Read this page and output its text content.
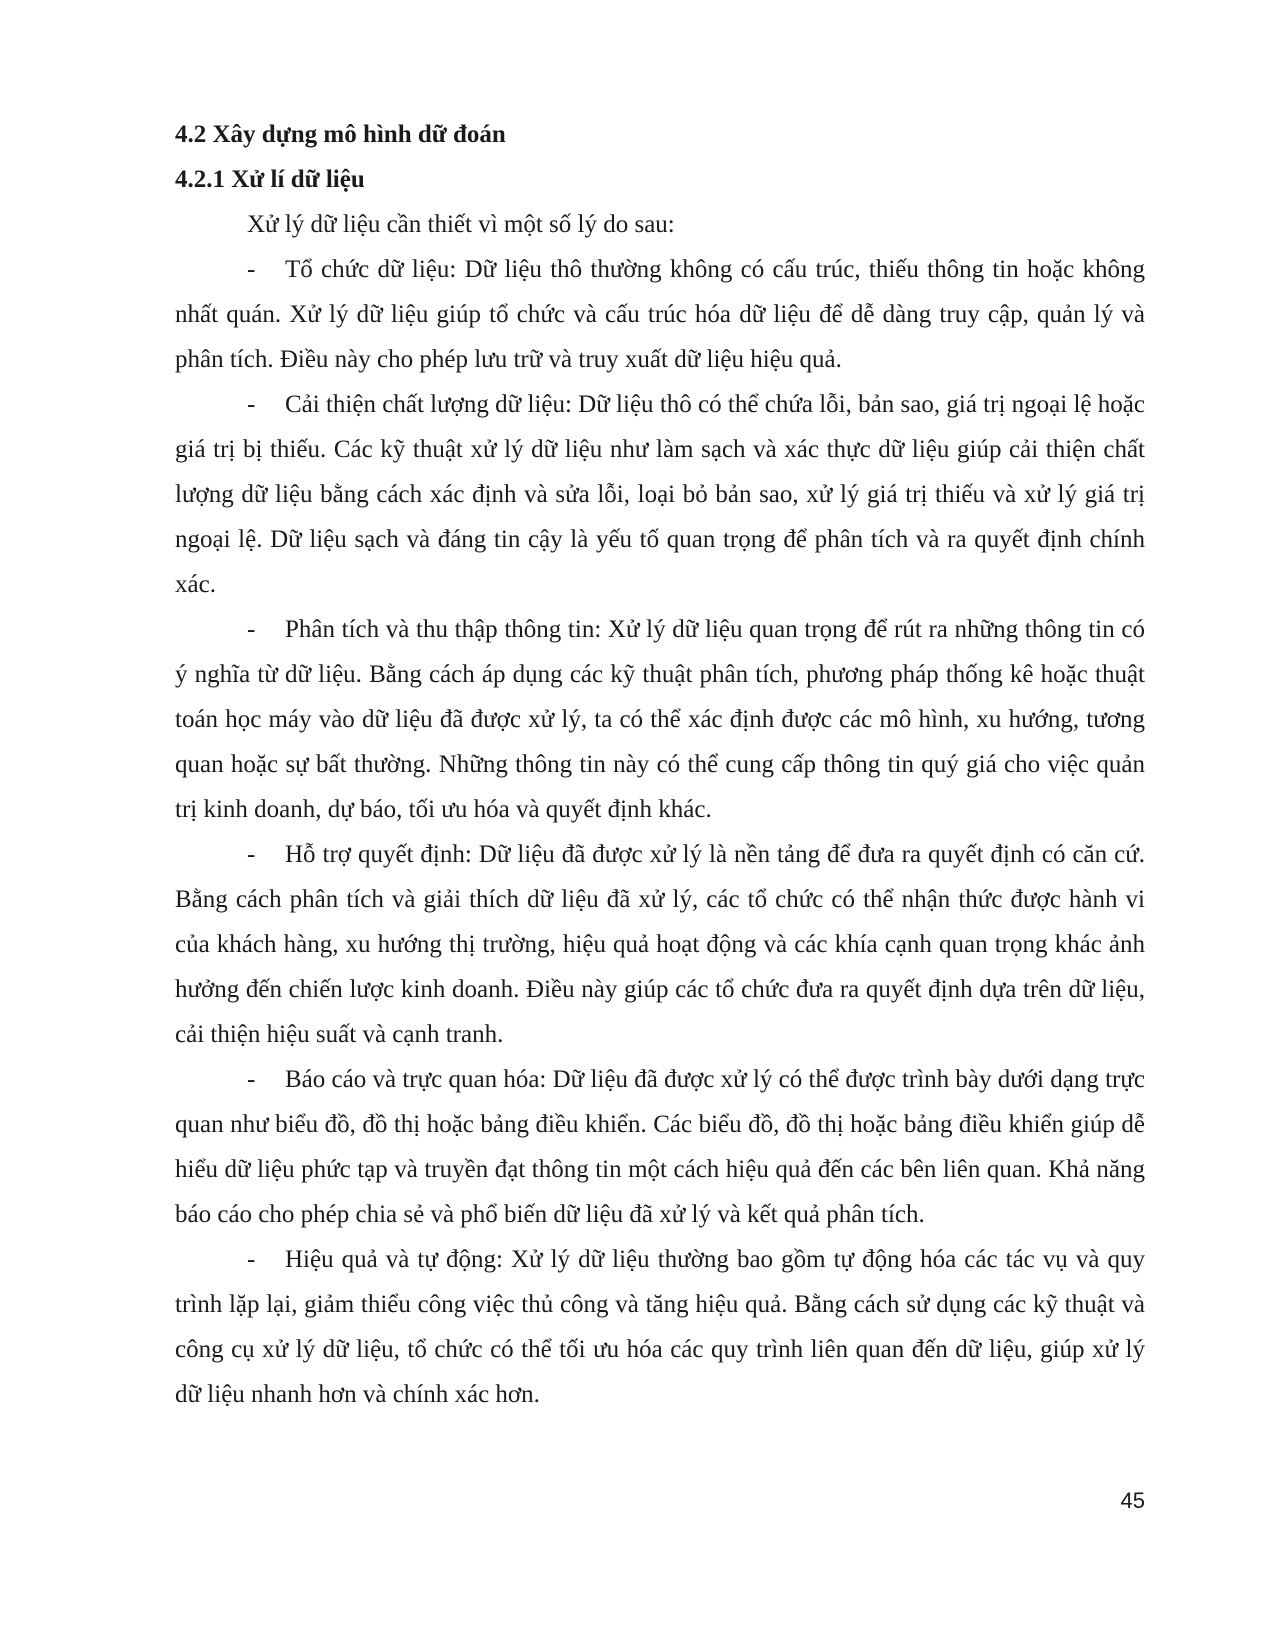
4.2 Xây dựng mô hình dữ đoán
4.2.1 Xử lí dữ liệu

Xử lý dữ liệu cần thiết vì một số lý do sau:

- Tổ chức dữ liệu: Dữ liệu thô thường không có cấu trúc, thiếu thông tin hoặc không nhất quán. Xử lý dữ liệu giúp tổ chức và cấu trúc hóa dữ liệu để dễ dàng truy cập, quản lý và phân tích. Điều này cho phép lưu trữ và truy xuất dữ liệu hiệu quả.

- Cải thiện chất lượng dữ liệu: Dữ liệu thô có thể chứa lỗi, bản sao, giá trị ngoại lệ hoặc giá trị bị thiếu. Các kỹ thuật xử lý dữ liệu như làm sạch và xác thực dữ liệu giúp cải thiện chất lượng dữ liệu bằng cách xác định và sửa lỗi, loại bỏ bản sao, xử lý giá trị thiếu và xử lý giá trị ngoại lệ. Dữ liệu sạch và đáng tin cậy là yếu tố quan trọng để phân tích và ra quyết định chính xác.

- Phân tích và thu thập thông tin: Xử lý dữ liệu quan trọng để rút ra những thông tin có ý nghĩa từ dữ liệu. Bằng cách áp dụng các kỹ thuật phân tích, phương pháp thống kê hoặc thuật toán học máy vào dữ liệu đã được xử lý, ta có thể xác định được các mô hình, xu hướng, tương quan hoặc sự bất thường. Những thông tin này có thể cung cấp thông tin quý giá cho việc quản trị kinh doanh, dự báo, tối ưu hóa và quyết định khác.

- Hỗ trợ quyết định: Dữ liệu đã được xử lý là nền tảng để đưa ra quyết định có căn cứ. Bằng cách phân tích và giải thích dữ liệu đã xử lý, các tổ chức có thể nhận thức được hành vi của khách hàng, xu hướng thị trường, hiệu quả hoạt động và các khía cạnh quan trọng khác ảnh hưởng đến chiến lược kinh doanh. Điều này giúp các tổ chức đưa ra quyết định dựa trên dữ liệu, cải thiện hiệu suất và cạnh tranh.

- Báo cáo và trực quan hóa: Dữ liệu đã được xử lý có thể được trình bày dưới dạng trực quan như biểu đồ, đồ thị hoặc bảng điều khiển. Các biểu đồ, đồ thị hoặc bảng điều khiển giúp dễ hiểu dữ liệu phức tạp và truyền đạt thông tin một cách hiệu quả đến các bên liên quan. Khả năng báo cáo cho phép chia sẻ và phổ biến dữ liệu đã xử lý và kết quả phân tích.

- Hiệu quả và tự động: Xử lý dữ liệu thường bao gồm tự động hóa các tác vụ và quy trình lặp lại, giảm thiểu công việc thủ công và tăng hiệu quả. Bằng cách sử dụng các kỹ thuật và công cụ xử lý dữ liệu, tổ chức có thể tối ưu hóa các quy trình liên quan đến dữ liệu, giúp xử lý dữ liệu nhanh hơn và chính xác hơn.

45
